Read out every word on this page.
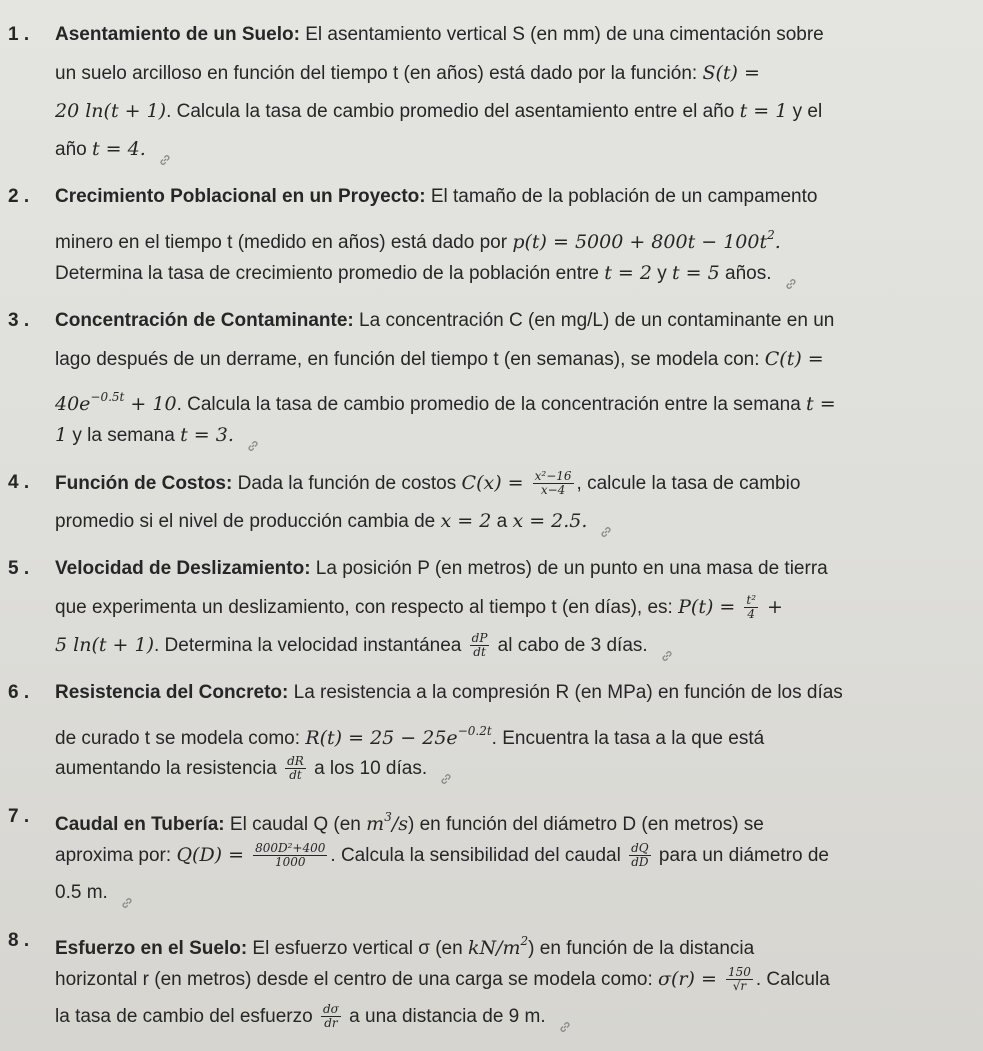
1 .	Asentamiento de un Suelo: El asentamiento vertical S (en mm) de una cimentación sobre
un suelo arcilloso en función del tiempo t (en años) está dado por la función: S(t) =
20 ln(t + 1). Calcula la tasa de cambio promedio del asentamiento entre el año t = 1 y el
año t = 4.
2 .	Crecimiento Poblacional en un Proyecto: El tamaño de la población de un campamento
minero en el tiempo t (medido en años) está dado por $p(t) = 5000 + 800t - 100t^2$.
Determina la tasa de crecimiento promedio de la población entre t = 2 y t = 5 años.
3 .	Concentración de Contaminante: La concentración C (en mg/L) de un contaminante en un
lago después de un derrame, en función del tiempo t (en semanas), se modela con: C(t) =
$40e^{-0.5t} + 10$. Calcula la tasa de cambio promedio de la concentración entre la semana t =
1 y la semana t = 3.
4 .	Función de Costos: Dada la función de costos $C(x) = \frac{\text{x²−16}}{x-4}$ , calcule la tasa de cambio
promedio si el nivel de producción cambia de x = 2 a x = 2.5.
5 .	Velocidad de Deslizamiento: La posición P (en metros) de un punto en una masa de tierra
que experimenta un deslizamiento, con respecto al tiempo t (en días), es: $P(t) = \frac{\text{t²}}{4}$ +
5 ln(t + 1). Determina la velocidad instantánea $\frac{dP}{dt}$ al cabo de 3 días.
6 .	Resistencia del Concreto: La resistencia a la compresión R (en MPa) en función de los días
de curado t se modela como: $R(t) = 25 - 25e^{-0.2t}$. Encuentra la tasa a la que está
aumentando la resistencia $\frac{dR}{dt}$ a los 10 días.
7 .	Caudal en Tubería: El caudal Q (en $m^3/s$) en función del diámetro D (en metros) se
aproxima por: $Q(D) = \frac{\text{800D²+400}}{1000}$ . Calcula la sensibilidad del caudal $\frac{dQ}{dD}$ para un diámetro de
0.5 m.
8 .	Esfuerzo en el Suelo: El esfuerzo vertical σ (en $kN/m^2$) en función de la distancia
horizontal r (en metros) desde el centro de una carga se modela como: $\sigma(r) = \frac{150}{√r}$ . Calcula
la tasa de cambio del esfuerzo $\frac{d\sigma}{dr}$ a una distancia de 9 m.
